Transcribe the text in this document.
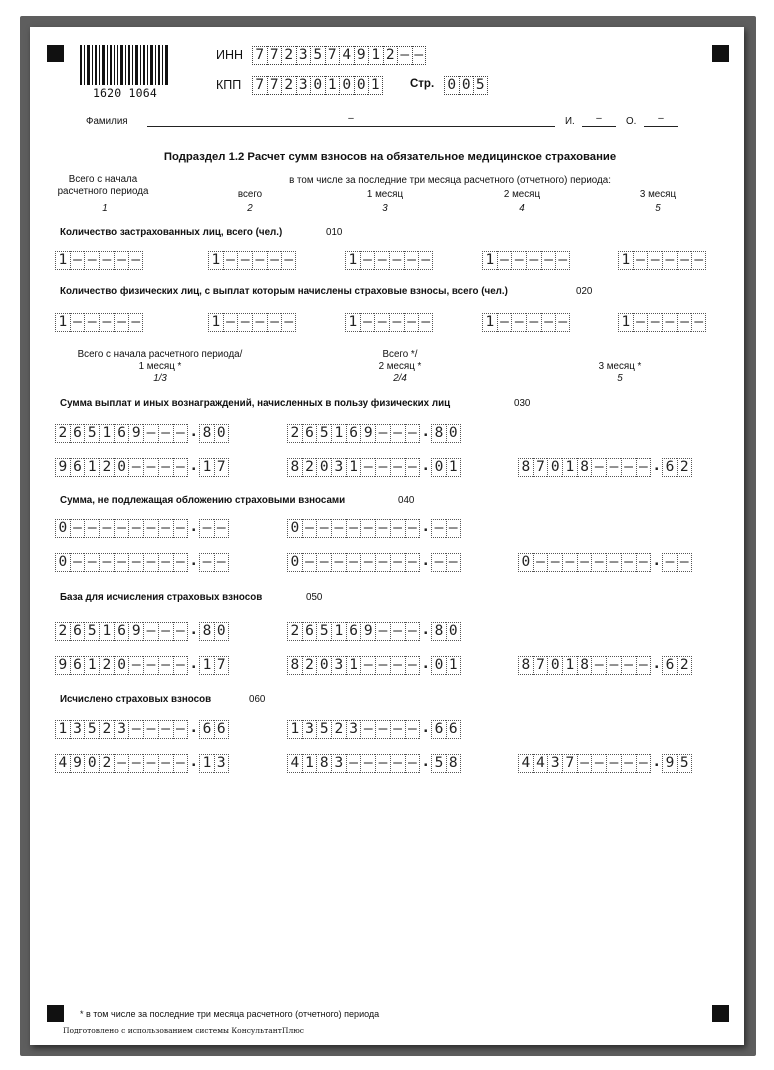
1620 1064
ИНН 7 7 2 3 5 7 4 9 1 2 – –
КПП 7 7 2 3 0 1 0 0 1	Стр. 0 0 5
Фамилия	–	И.	–	О.	–
Подраздел 1.2 Расчет сумм взносов на обязательное медицинское страхование
Всего с начала расчетного периода
в том числе за последние три месяца расчетного (отчетного) периода:
всего	1 месяц	2 месяц	3 месяц
1	2	3	4	5
Количество застрахованных лиц, всего (чел.)	010
1 – – – – –	1 – – – – –	1 – – – – –	1 – – – – –	1 – – – – –
Количество физических лиц, с выплат которым начислены страховые взносы, всего (чел.)	020
1 – – – – –	1 – – – – –	1 – – – – –	1 – – – – –	1 – – – – –
Всего с начала расчетного периода/
1 месяц *
1/3
Всего */
2 месяц *
2/4
3 месяц *
5
Сумма выплат и иных вознаграждений, начисленных в пользу физических лиц	030
2 6 5 1 6 9 – – – . 8 0	2 6 5 1 6 9 – – – . 8 0
9 6 1 2 0 – – – – . 1 7	8 2 0 3 1 – – – – . 0 1	8 7 0 1 8 – – – – . 6 2
Сумма, не подлежащая обложению страховыми взносами	040
0 – – – – – – – – . – –	0 – – – – – – – – . – –
0 – – – – – – – – . – –	0 – – – – – – – – . – –	0 – – – – – – – – . – –
База для исчисления страховых взносов	050
2 6 5 1 6 9 – – – . 8 0	2 6 5 1 6 9 – – – . 8 0
9 6 1 2 0 – – – – . 1 7	8 2 0 3 1 – – – – . 0 1	8 7 0 1 8 – – – – . 6 2
Исчислено страховых взносов	060
1 3 5 2 3 – – – – . 6 6	1 3 5 2 3 – – – – . 6 6
4 9 0 2 – – – – – . 1 3	4 1 8 3 – – – – – . 5 8	4 4 3 7 – – – – – . 9 5
* в том числе за последние три месяца расчетного (отчетного) периода
Подготовлено с использованием системы КонсультантПлюс
